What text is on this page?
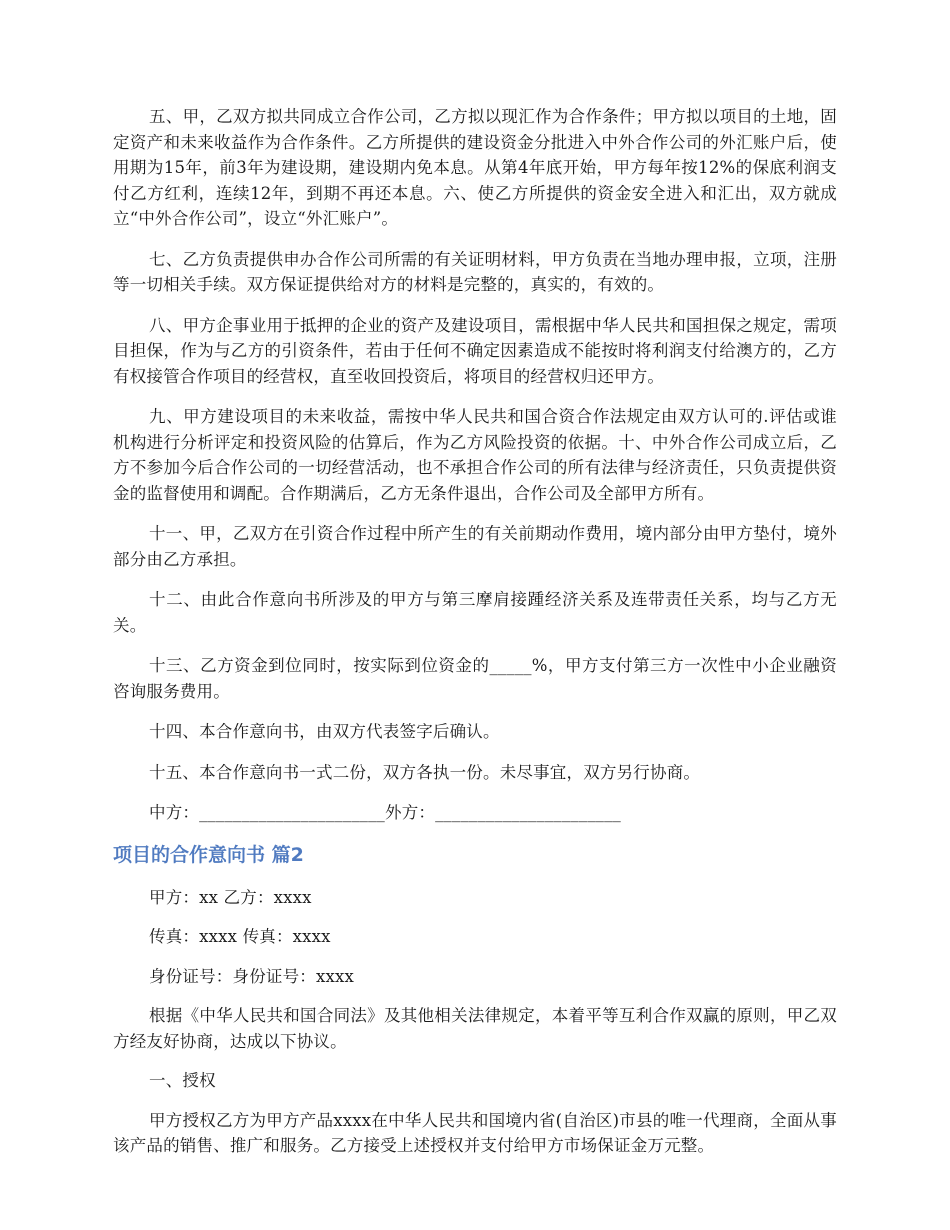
五、甲，乙双方拟共同成立合作公司，乙方拟以现汇作为合作条件；甲方拟以项目的土地，固定资产和未来收益作为合作条件。乙方所提供的建设资金分批进入中外合作公司的外汇账户后，使用期为15年，前3年为建设期，建设期内免本息。从第4年底开始，甲方每年按12%的保底利润支付乙方红利，连续12年，到期不再还本息。六、使乙方所提供的资金安全进入和汇出，双方就成立“中外合作公司”，设立“外汇账户”。

七、乙方负责提供申办合作公司所需的有关证明材料，甲方负责在当地办理申报，立项，注册等一切相关手续。双方保证提供给对方的材料是完整的，真实的，有效的。

八、甲方企事业用于抵押的企业的资产及建设项目，需根据中华人民共和国担保之规定，需项目担保，作为与乙方的引资条件，若由于任何不确定因素造成不能按时将利润支付给澳方的，乙方有权接管合作项目的经营权，直至收回投资后，将项目的经营权归还甲方。

九、甲方建设项目的未来收益，需按中华人民共和国合资合作法规定由双方认可的.评估或谁机构进行分析评定和投资风险的估算后，作为乙方风险投资的依据。十、中外合作公司成立后，乙方不参加今后合作公司的一切经营活动，也不承担合作公司的所有法律与经济责任，只负责提供资金的监督使用和调配。合作期满后，乙方无条件退出，合作公司及全部甲方所有。

十一、甲，乙双方在引资合作过程中所产生的有关前期动作费用，境内部分由甲方垫付，境外部分由乙方承担。

十二、由此合作意向书所涉及的甲方与第三摩肩接踵经济关系及连带责任关系，均与乙方无关。

十三、乙方资金到位同时，按实际到位资金的_____%，甲方支付第三方一次性中小企业融资咨询服务费用。

十四、本合作意向书，由双方代表签字后确认。

十五、本合作意向书一式二份，双方各执一份。未尽事宜，双方另行协商。

中方：______________________外方：______________________

项目的合作意向书 篇2

甲方：xx 乙方：xxxx

传真：xxxx 传真：xxxx

身份证号：身份证号：xxxx

根据《中华人民共和国合同法》及其他相关法律规定，本着平等互利合作双赢的原则，甲乙双方经友好协商，达成以下协议。

一、授权

甲方授权乙方为甲方产品xxxx在中华人民共和国境内省(自治区)市县的唯一代理商，全面从事该产品的销售、推广和服务。乙方接受上述授权并支付给甲方市场保证金万元整。
